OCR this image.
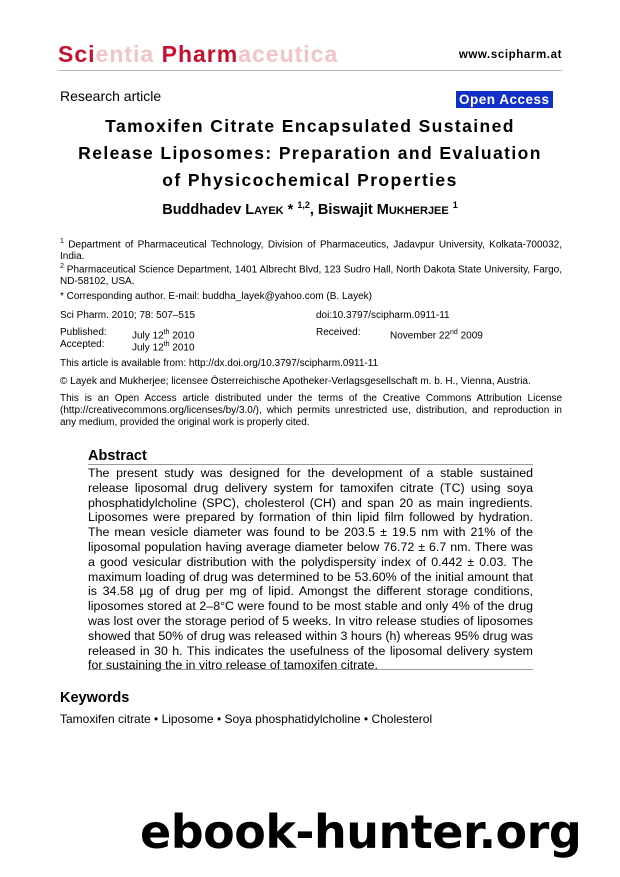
Scientia Pharmaceutica	www.scipharm.at
Research article	Open Access
Tamoxifen Citrate Encapsulated Sustained
Release Liposomes: Preparation and Evaluation
of Physicochemical Properties
Buddhadev LAYEK * $^{1,2}$, Biswajit MUKHERJEE $^1$
$^1$ Department of Pharmaceutical Technology, Division of Pharmaceutics, Jadavpur University, Kolkata-700032, India.
$^2$ Pharmaceutical Science Department, 1401 Albrecht Blvd, 123 Sudro Hall, North Dakota State University, Fargo, ND-58102, USA.
* Corresponding author. E-mail: buddha_layek@yahoo.com (B. Layek)
Sci Pharm. 2010; 78: 507–515	doi:10.3797/scipharm.0911-11
Published:	July 12th 2010	Received:	November 22nd 2009
Accepted:	July 12th 2010
This article is available from: http://dx.doi.org/10.3797/scipharm.0911-11
© Layek and Mukherjee; licensee Österreichische Apotheker-Verlagsgesellschaft m. b. H., Vienna, Austria.
This is an Open Access article distributed under the terms of the Creative Commons Attribution License (http://creativecommons.org/licenses/by/3.0/), which permits unrestricted use, distribution, and reproduction in any medium, provided the original work is properly cited.
Abstract
The present study was designed for the development of a stable sustained release liposomal drug delivery system for tamoxifen citrate (TC) using soya phosphatidylcholine (SPC), cholesterol (CH) and span 20 as main ingredients. Liposomes were prepared by formation of thin lipid film followed by hydration. The mean vesicle diameter was found to be 203.5 ± 19.5 nm with 21% of the liposomal population having average diameter below 76.72 ± 6.7 nm. There was a good vesicular distribution with the polydispersity index of 0.442 ± 0.03. The maximum loading of drug was determined to be 53.60% of the initial amount that is 34.58 µg of drug per mg of lipid. Amongst the different storage conditions, liposomes stored at 2–8°C were found to be most stable and only 4% of the drug was lost over the storage period of 5 weeks. In vitro release studies of liposomes showed that 50% of drug was released within 3 hours (h) whereas 95% drug was released in 30 h. This indicates the usefulness of the liposomal delivery system for sustaining the in vitro release of tamoxifen citrate.
Keywords
Tamoxifen citrate • Liposome • Soya phosphatidylcholine • Cholesterol
ebook-hunter.org
